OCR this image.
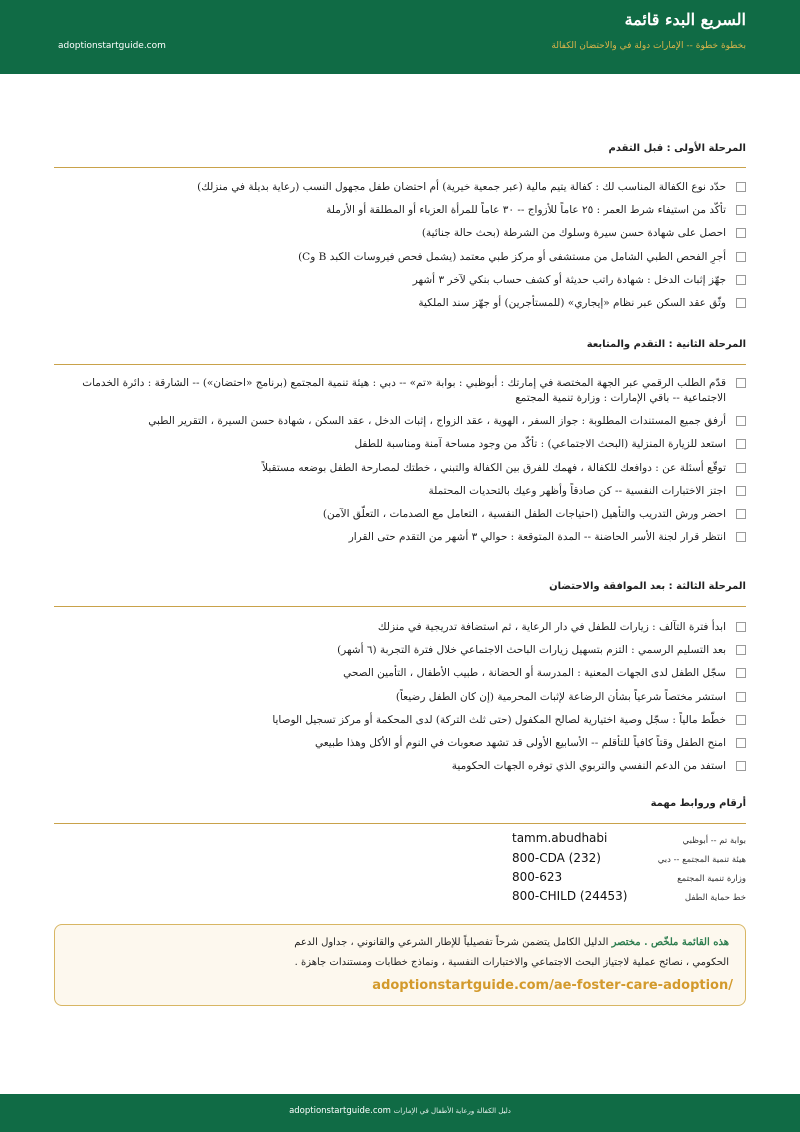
السريع البدء قائمة
بخطوة خطوة -- الإمارات دولة في والاحتضان الكفالة
adoptionstartguide.com
المرحلة الأولى : قبل التقدم
حدّد نوع الكفالة المناسب لك : كفالة يتيم مالية (عبر جمعية خيرية) أم احتضان طفل مجهول النسب (رعاية بديلة في منزلك)
تأكّد من استيفاء شرط العمر : ٢٥ عاماً للأزواج -- ٣٠ عاماً للمرأة العزباء أو المطلقة أو الأرملة
احصل على شهادة حسن سيرة وسلوك من الشرطة (بحث حالة جنائية)
أجرِ الفحص الطبي الشامل من مستشفى أو مركز طبي معتمد (يشمل فحص فيروسات الكبد B وC)
جهّز إثبات الدخل : شهادة راتب حديثة أو كشف حساب بنكي لآخر ٣ أشهر
وثّق عقد السكن عبر نظام «إيجاري» (للمستأجرين) أو جهّز سند الملكية
المرحلة الثانية : التقدم والمتابعة
قدّم الطلب الرقمي عبر الجهة المختصة في إمارتك : أبوظبي : بوابة «تم» -- دبي : هيئة تنمية المجتمع (برنامج «احتضان») -- الشارقة : دائرة الخدمات الاجتماعية -- باقي الإمارات : وزارة تنمية المجتمع
أرفق جميع المستندات المطلوبة : جواز السفر ، الهوية ، عقد الزواج ، إثبات الدخل ، عقد السكن ، شهادة حسن السيرة ، التقرير الطبي
استعد للزيارة المنزلية (البحث الاجتماعي) : تأكّد من وجود مساحة آمنة ومناسبة للطفل
توقّع أسئلة عن : دوافعك للكفالة ، فهمك للفرق بين الكفالة والتبني ، خطتك لمصارحة الطفل بوضعه مستقبلاً
اجتز الاختبارات النفسية -- كن صادقاً وأظهر وعيك بالتحديات المحتملة
احضر ورش التدريب والتأهيل (احتياجات الطفل النفسية ، التعامل مع الصدمات ، التعلّق الآمن)
انتظر قرار لجنة الأسر الحاضنة -- المدة المتوقعة : حوالي ٣ أشهر من التقدم حتى القرار
المرحلة الثالثة : بعد الموافقة والاحتضان
ابدأ فترة التآلف : زيارات للطفل في دار الرعاية ، ثم استضافة تدريجية في منزلك
بعد التسليم الرسمي : التزم بتسهيل زيارات الباحث الاجتماعي خلال فترة التجربة (٦ أشهر)
سجّل الطفل لدى الجهات المعنية : المدرسة أو الحضانة ، طبيب الأطفال ، التأمين الصحي
استشر مختصاً شرعياً بشأن الرضاعة لإثبات المحرمية (إن كان الطفل رضيعاً)
خطّط مالياً : سجّل وصية اختيارية لصالح المكفول (حتى ثلث التركة) لدى المحكمة أو مركز تسجيل الوصايا
امنح الطفل وقتاً كافياً للتأقلم -- الأسابيع الأولى قد تشهد صعوبات في النوم أو الأكل وهذا طبيعي
استفد من الدعم النفسي والتربوي الذي توفره الجهات الحكومية
أرقام وروابط مهمة
بوابة تم -- أبوظبي
هيئة تنمية المجتمع -- دبي
وزارة تنمية المجتمع
خط حماية الطفل
tamm.abudhabi
800-CDA (232)
800-623
800-CHILD (24453)
هذه القائمة ملخّص . مختصر الدليل الكامل يتضمن شرحاً تفصيلياً للإطار الشرعي والقانوني ، جداول الدعم
الحكومي ، نصائح عملية لاجتياز البحث الاجتماعي والاختبارات النفسية ، ونماذج خطابات ومستندات جاهزة .
adoptionstartguide.com/ae-foster-care-adoption/
adoptionstartguide.com دليل الكفالة ورعاية الأطفال في الإمارات
